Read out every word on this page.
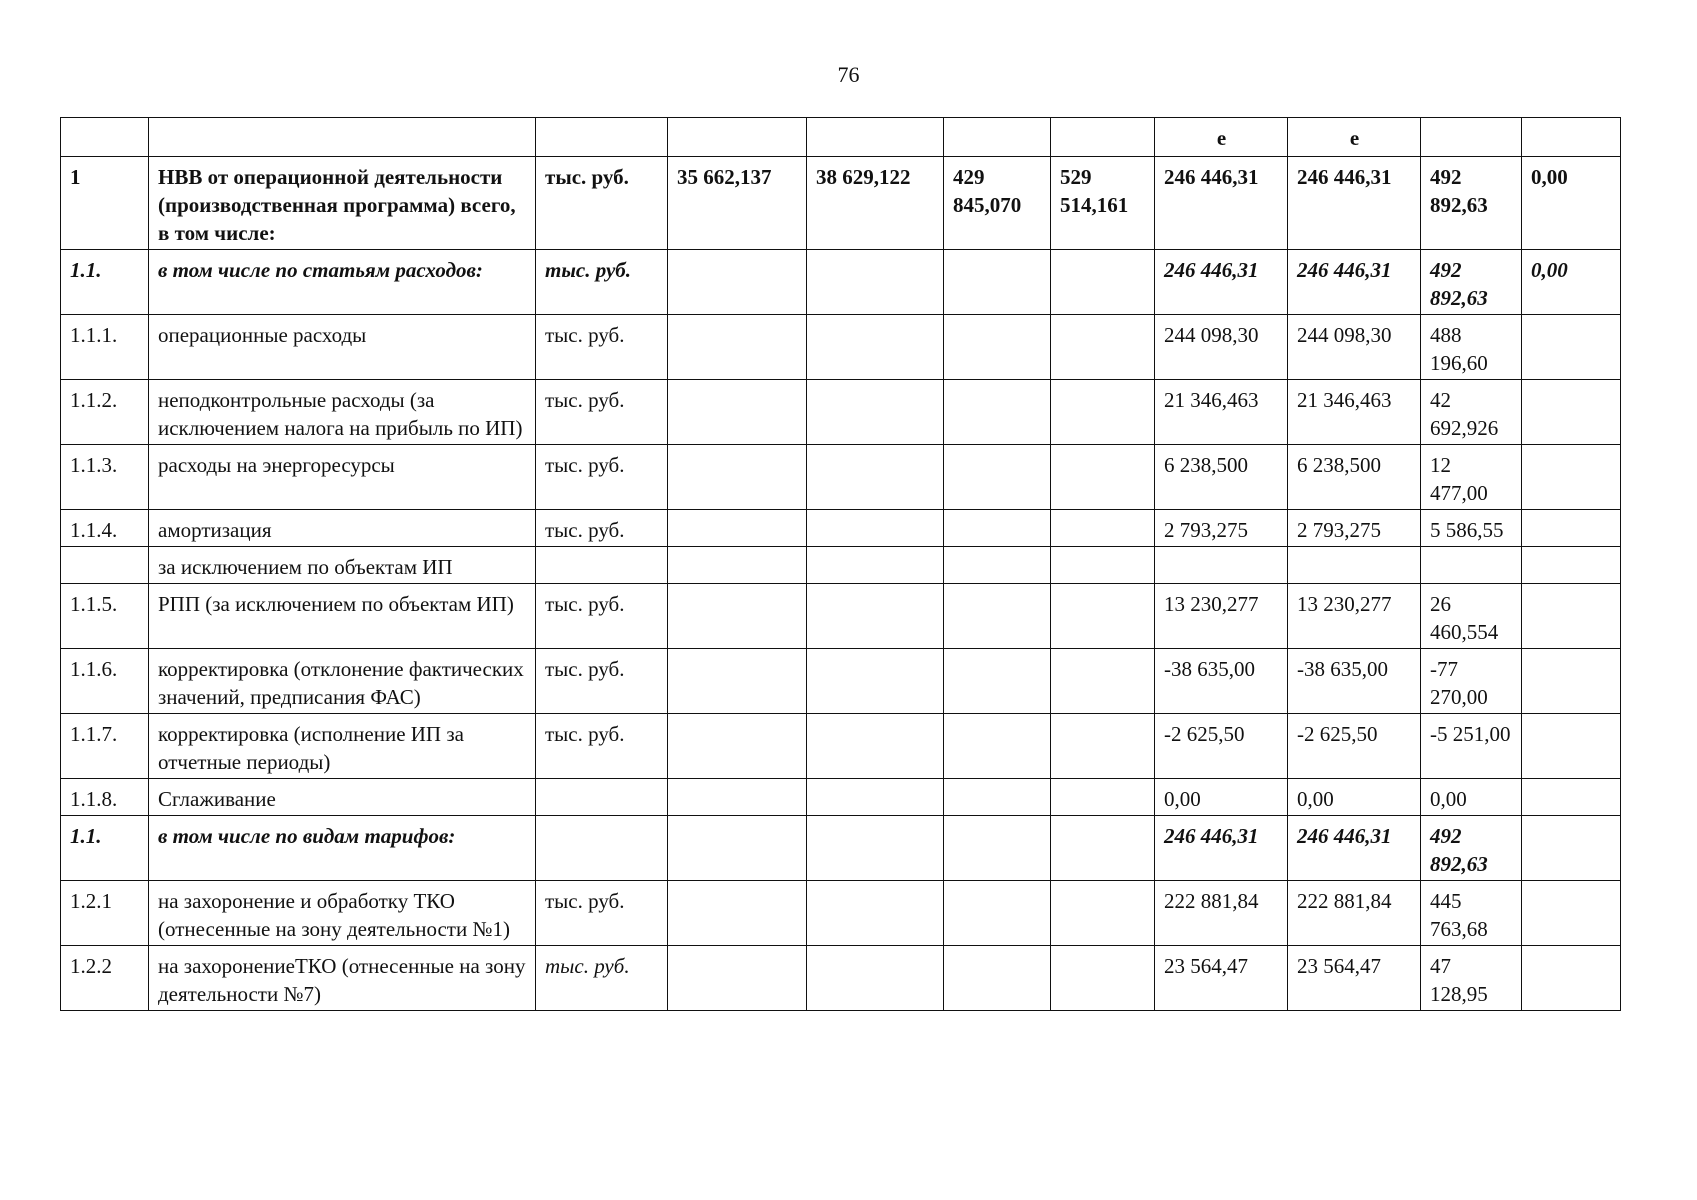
76
							е	е		
1	НВВ от операционной деятельности (производственная программа) всего, в том числе:	тыс. руб.	35 662,137	38 629,122	429 845,070	529 514,161	246 446,31	246 446,31	492 892,63	0,00
1.1.	в том числе по статьям расходов:	тыс. руб.					246 446,31	246 446,31	492 892,63	0,00
1.1.1.	операционные расходы	тыс. руб.					244 098,30	244 098,30	488 196,60	
1.1.2.	неподконтрольные расходы (за исключением налога на прибыль по ИП)	тыс. руб.					21 346,463	21 346,463	42 692,926	
1.1.3.	расходы на энергоресурсы	тыс. руб.					6 238,500	6 238,500	12 477,00	
1.1.4.	амортизация	тыс. руб.					2 793,275	2 793,275	5 586,55	
	за исключением по объектам ИП									
1.1.5.	РПП (за исключением по объектам ИП)	тыс. руб.					13 230,277	13 230,277	26 460,554	
1.1.6.	корректировка (отклонение фактических значений, предписания ФАС)	тыс. руб.					-38 635,00	-38 635,00	-77 270,00	
1.1.7.	корректировка (исполнение ИП за отчетные периоды)	тыс. руб.					-2 625,50	-2 625,50	-5 251,00	
1.1.8.	Сглаживание						0,00	0,00	0,00	
1.1.	в том числе по видам тарифов:						246 446,31	246 446,31	492 892,63	
1.2.1	на захоронение и обработку ТКО (отнесенные на зону деятельности №1)	тыс. руб.					222 881,84	222 881,84	445 763,68	
1.2.2	на захоронениеТКО (отнесенные на зону деятельности №7)	тыс. руб.					23 564,47	23 564,47	47 128,95	
